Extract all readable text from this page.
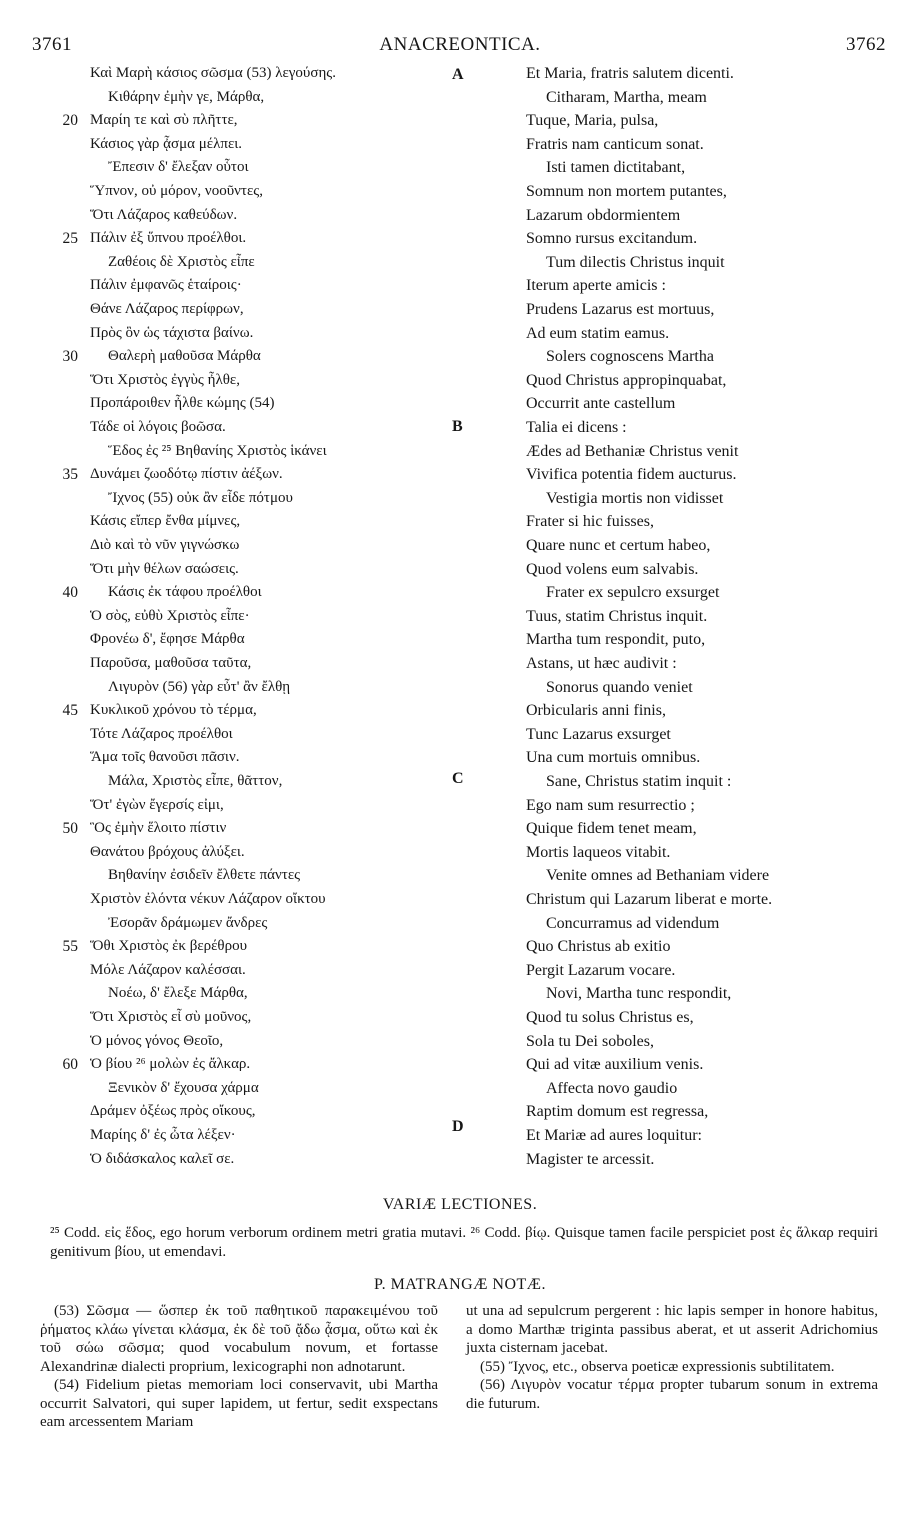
3761	ANACREONTICA.	3762
Καὶ Μαρὴ κάσιος σῶσμα (53) λεγούσης.
Κιθάρην ἐμὴν γε, Μάρθα,
Μαρίη τε καὶ σὺ πλῆττε,
Κάσιος γὰρ ᾆσμα μέλπει.
Ἔπεσιν δ' ἔλεξαν οὗτοι
Ὕπνον, οὐ μόρον, νοοῦντες,
Ὅτι Λάζαρος καθεύδων.
Πάλιν ἐξ ὕπνου προέλθοι.
Ζαθέοις δὲ Χριστὸς εἶπε
Πάλιν ἐμφανῶς ἑταίροις·
Θάνε Λάζαρος περίφρων,
Πρὸς ὃν ὡς τάχιστα βαίνω.
Θαλερὴ μαθοῦσα Μάρθα
Ὅτι Χριστὸς ἐγγὺς ἦλθε,
Προπάροιθεν ἦλθε κώμης (54)
Τάδε οἱ λόγοις βοῶσα.
Ἕδος ἐς ²⁵ Βηθανίης Χριστὸς ἱκάνει
Δυνάμει ζωοδότῳ πίστιν ἀέξων.
Ἴχνος (55) οὐκ ἂν εἶδε πότμου
Κάσις εἴπερ ἔνθα μίμνες,
Διὸ καὶ τὸ νῦν γιγνώσκω
Ὅτι μὴν θέλων σαώσεις.
Κάσις ἐκ τάφου προέλθοι
Ὁ σὸς, εὐθὺ Χριστὸς εἶπε·
Φρονέω δ', ἔφησε Μάρθα
Παροῦσα, μαθοῦσα ταῦτα,
Λιγυρὸν (56) γὰρ εὖτ' ἂν ἔλθῃ
Κυκλικοῦ χρόνου τὸ τέρμα,
Τότε Λάζαρος προέλθοι
Ἅμα τοῖς θανοῦσι πᾶσιν.
Μάλα, Χριστὸς εἶπε, θᾶττον,
Ὅτ' ἐγὼν ἔγερσίς εἰμι,
Ὃς ἐμὴν ἕλοιτο πίστιν
Θανάτου βρόχους ἀλύξει.
Βηθανίην ἐσιδεῖν ἔλθετε πάντες
Χριστὸν ἐλόντα νέκυν Λάζαρον οἴκτου
Ἐσορᾶν δράμωμεν ἄνδρες
Ὅθι Χριστὸς ἐκ βερέθρου
Μόλε Λάζαρον καλέσσαι.
Νοέω, δ' ἔλεξε Μάρθα,
Ὅτι Χριστὸς εἶ σὺ μοῦνος,
Ὁ μόνος γόνος Θεοῖο,
Ὁ βίου ²⁶ μολὼν ἐς ἄλκαρ.
Ξενικὸν δ' ἔχουσα χάρμα
Δράμεν ὀξέως πρὸς οἴκους,
Μαρίης δ' ἐς ὦτα λέξεν·
Ὁ διδάσκαλος καλεῖ σε.
Et Maria, fratris salutem dicenti.
Citharam, Martha, meam
Tuque, Maria, pulsa,
Fratris nam canticum sonat.
Isti tamen dictitabant,
Somnum non mortem putantes,
Lazarum obdormientem
Somno rursus excitandum.
Tum dilectis Christus inquit
Iterum aperte amicis :
Prudens Lazarus est mortuus,
Ad eum statim eamus.
Solers cognoscens Martha
Quod Christus appropinquabat,
Occurrit ante castellum
Talia ei dicens :
Ædes ad Bethaniæ Christus venit
Vivifica potentia fidem aucturus.
Vestigia mortis non vidisset
Frater si hic fuisses,
Quare nunc et certum habeo,
Quod volens eum salvabis.
Frater ex sepulcro exsurget
Tuus, statim Christus inquit.
Martha tum respondit, puto,
Astans, ut hæc audivit :
Sonorus quando veniet
Orbicularis anni finis,
Tunc Lazarus exsurget
Una cum mortuis omnibus.
Sane, Christus statim inquit :
Ego nam sum resurrectio ;
Quique fidem tenet meam,
Mortis laqueos vitabit.
Venite omnes ad Bethaniam videre
Christum qui Lazarum liberat e morte.
Concurramus ad videndum
Quo Christus ab exitio
Pergit Lazarum vocare.
Novi, Martha tunc respondit,
Quod tu solus Christus es,
Sola tu Dei soboles,
Qui ad vitæ auxilium venis.
Affecta novo gaudio
Raptim domum est regressa,
Et Mariæ ad aures loquitur:
Magister te arcessit.
20
25
30
35
40
45
50
55
60
A
B
C
D
VARIÆ LECTIONES.
²⁵ Codd. εἰς ἕδος, ego horum verborum ordinem metri gratia mutavi. ²⁶ Codd. βίῳ. Quisque tamen facile perspiciet post ἐς ἄλκαρ requiri genitivum βίου, ut emendavi.
P. MATRANGÆ NOTÆ.

(53) Σῶσμα — ὥσπερ ἐκ τοῦ παθητικοῦ παρακειμένου τοῦ ῥήματος κλάω γίνεται κλάσμα, ἐκ δὲ τοῦ ᾄδω ᾆσμα, οὕτω καὶ ἐκ τοῦ σώω σῶσμα; quod vocabulum novum, et fortasse Alexandrinæ dialecti proprium, lexicographi non adnotarunt.

(54) Fidelium pietas memoriam loci conservavit, ubi Martha occurrit Salvatori, qui super lapidem, ut fertur, sedit exspectans eam arcessentem Mariam

ut una ad sepulcrum pergerent : hic lapis semper in honore habitus, a domo Marthæ triginta passibus aberat, et ut asserit Adrichomius juxta cisternam jacebat.

(55) Ἴχνος, etc., observa poeticæ expressionis subtilitatem.

(56) Λιγυρὸν vocatur τέρμα propter tubarum sonum in extrema die futurum.
